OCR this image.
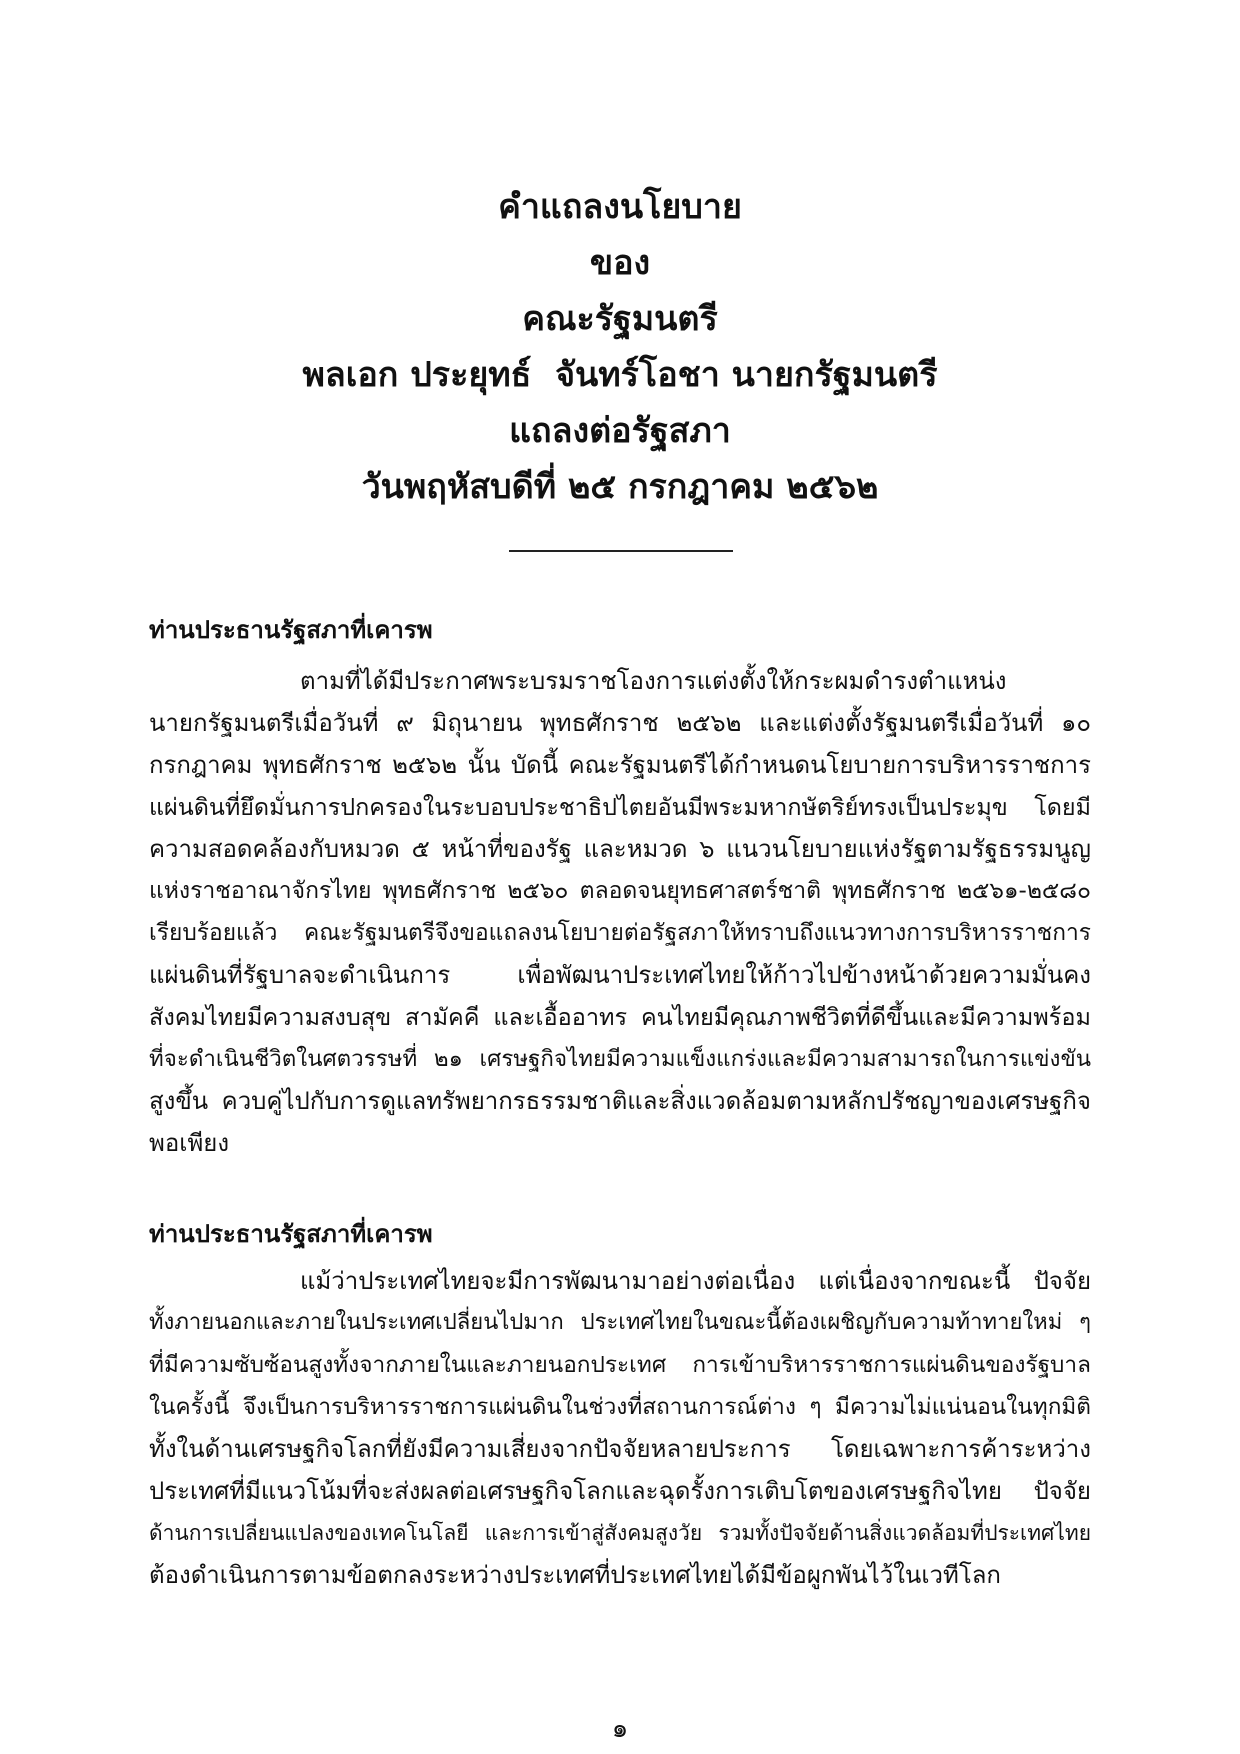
คำแถลงนโยบาย
ของ
คณะรัฐมนตรี
พลเอก ประยุทธ์  จันทร์โอชา นายกรัฐมนตรี
แถลงต่อรัฐสภา
วันพฤหัสบดีที่ ๒๕ กรกฎาคม ๒๕๖๒
ท่านประธานรัฐสภาที่เคารพ
ตามที่ได้มีประกาศพระบรมราชโองการแต่งตั้งให้กระผมดำรงตำแหน่ง
นายกรัฐมนตรีเมื่อวันที่ ๙ มิถุนายน พุทธศักราช ๒๕๖๒ และแต่งตั้งรัฐมนตรีเมื่อวันที่ ๑๐
กรกฎาคม พุทธศักราช ๒๕๖๒ นั้น บัดนี้ คณะรัฐมนตรีได้กำหนดนโยบายการบริหารราชการ
แผ่นดินที่ยึดมั่นการปกครองในระบอบประชาธิปไตยอันมีพระมหากษัตริย์ทรงเป็นประมุข โดยมี
ความสอดคล้องกับหมวด ๕ หน้าที่ของรัฐ และหมวด ๖ แนวนโยบายแห่งรัฐตามรัฐธรรมนูญ
แห่งราชอาณาจักรไทย พุทธศักราช ๒๕๖๐ ตลอดจนยุทธศาสตร์ชาติ พุทธศักราช ๒๕๖๑-๒๕๘๐
เรียบร้อยแล้ว คณะรัฐมนตรีจึงขอแถลงนโยบายต่อรัฐสภาให้ทราบถึงแนวทางการบริหารราชการ
แผ่นดินที่รัฐบาลจะดำเนินการ เพื่อพัฒนาประเทศไทยให้ก้าวไปข้างหน้าด้วยความมั่นคง
สังคมไทยมีความสงบสุข สามัคคี และเอื้ออาทร คนไทยมีคุณภาพชีวิตที่ดีขึ้นและมีความพร้อม
ที่จะดำเนินชีวิตในศตวรรษที่ ๒๑ เศรษฐกิจไทยมีความแข็งแกร่งและมีความสามารถในการแข่งขัน
สูงขึ้น ควบคู่ไปกับการดูแลทรัพยากรธรรมชาติและสิ่งแวดล้อมตามหลักปรัชญาของเศรษฐกิจ
พอเพียง
ท่านประธานรัฐสภาที่เคารพ
แม้ว่าประเทศไทยจะมีการพัฒนามาอย่างต่อเนื่อง แต่เนื่องจากขณะนี้ ปัจจัย
ทั้งภายนอกและภายในประเทศเปลี่ยนไปมาก ประเทศไทยในขณะนี้ต้องเผชิญกับความท้าทายใหม่ ๆ
ที่มีความซับซ้อนสูงทั้งจากภายในและภายนอกประเทศ การเข้าบริหารราชการแผ่นดินของรัฐบาล
ในครั้งนี้ จึงเป็นการบริหารราชการแผ่นดินในช่วงที่สถานการณ์ต่าง ๆ มีความไม่แน่นอนในทุกมิติ
ทั้งในด้านเศรษฐกิจโลกที่ยังมีความเสี่ยงจากปัจจัยหลายประการ โดยเฉพาะการค้าระหว่าง
ประเทศที่มีแนวโน้มที่จะส่งผลต่อเศรษฐกิจโลกและฉุดรั้งการเติบโตของเศรษฐกิจไทย ปัจจัย
ด้านการเปลี่ยนแปลงของเทคโนโลยี และการเข้าสู่สังคมสูงวัย รวมทั้งปัจจัยด้านสิ่งแวดล้อมที่ประเทศไทย
ต้องดำเนินการตามข้อตกลงระหว่างประเทศที่ประเทศไทยได้มีข้อผูกพันไว้ในเวทีโลก
๑
